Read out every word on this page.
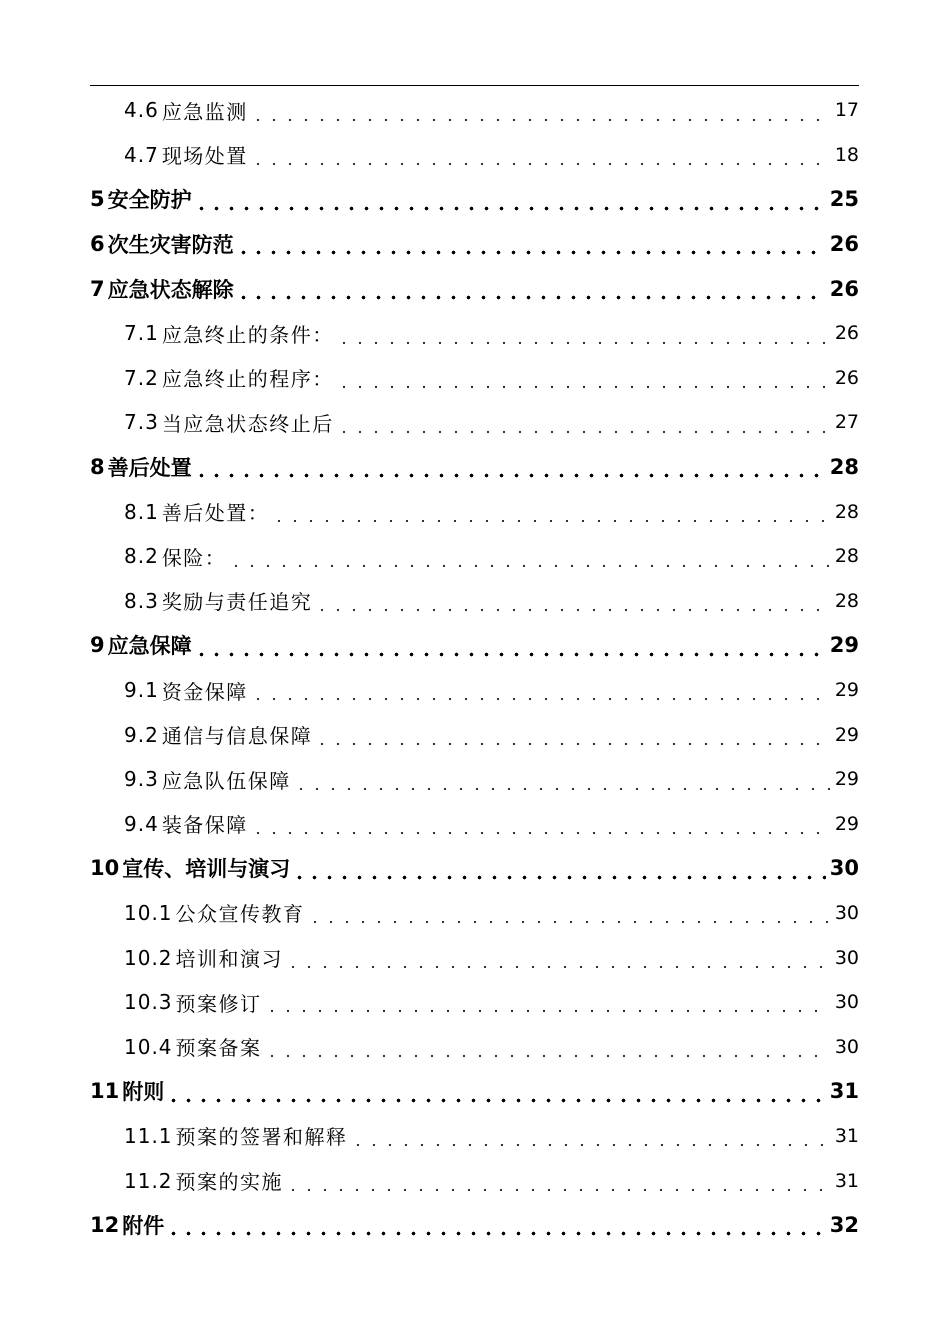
4.6 应急监测	17
4.7 现场处置	18
5 安全防护	25
6 次生灾害防范	26
7 应急状态解除	26
7.1 应急终止的条件：	26
7.2 应急终止的程序：	26
7.3 当应急状态终止后	27
8 善后处置	28
8.1 善后处置：	28
8.2 保险：	28
8.3 奖励与责任追究	28
9 应急保障	29
9.1 资金保障	29
9.2 通信与信息保障	29
9.3 应急队伍保障	29
9.4 装备保障	29
10 宣传、培训与演习	30
10.1 公众宣传教育	30
10.2 培训和演习	30
10.3 预案修订	30
10.4 预案备案	30
11 附则	31
11.1 预案的签署和解释	31
11.2 预案的实施	31
12 附件	32
